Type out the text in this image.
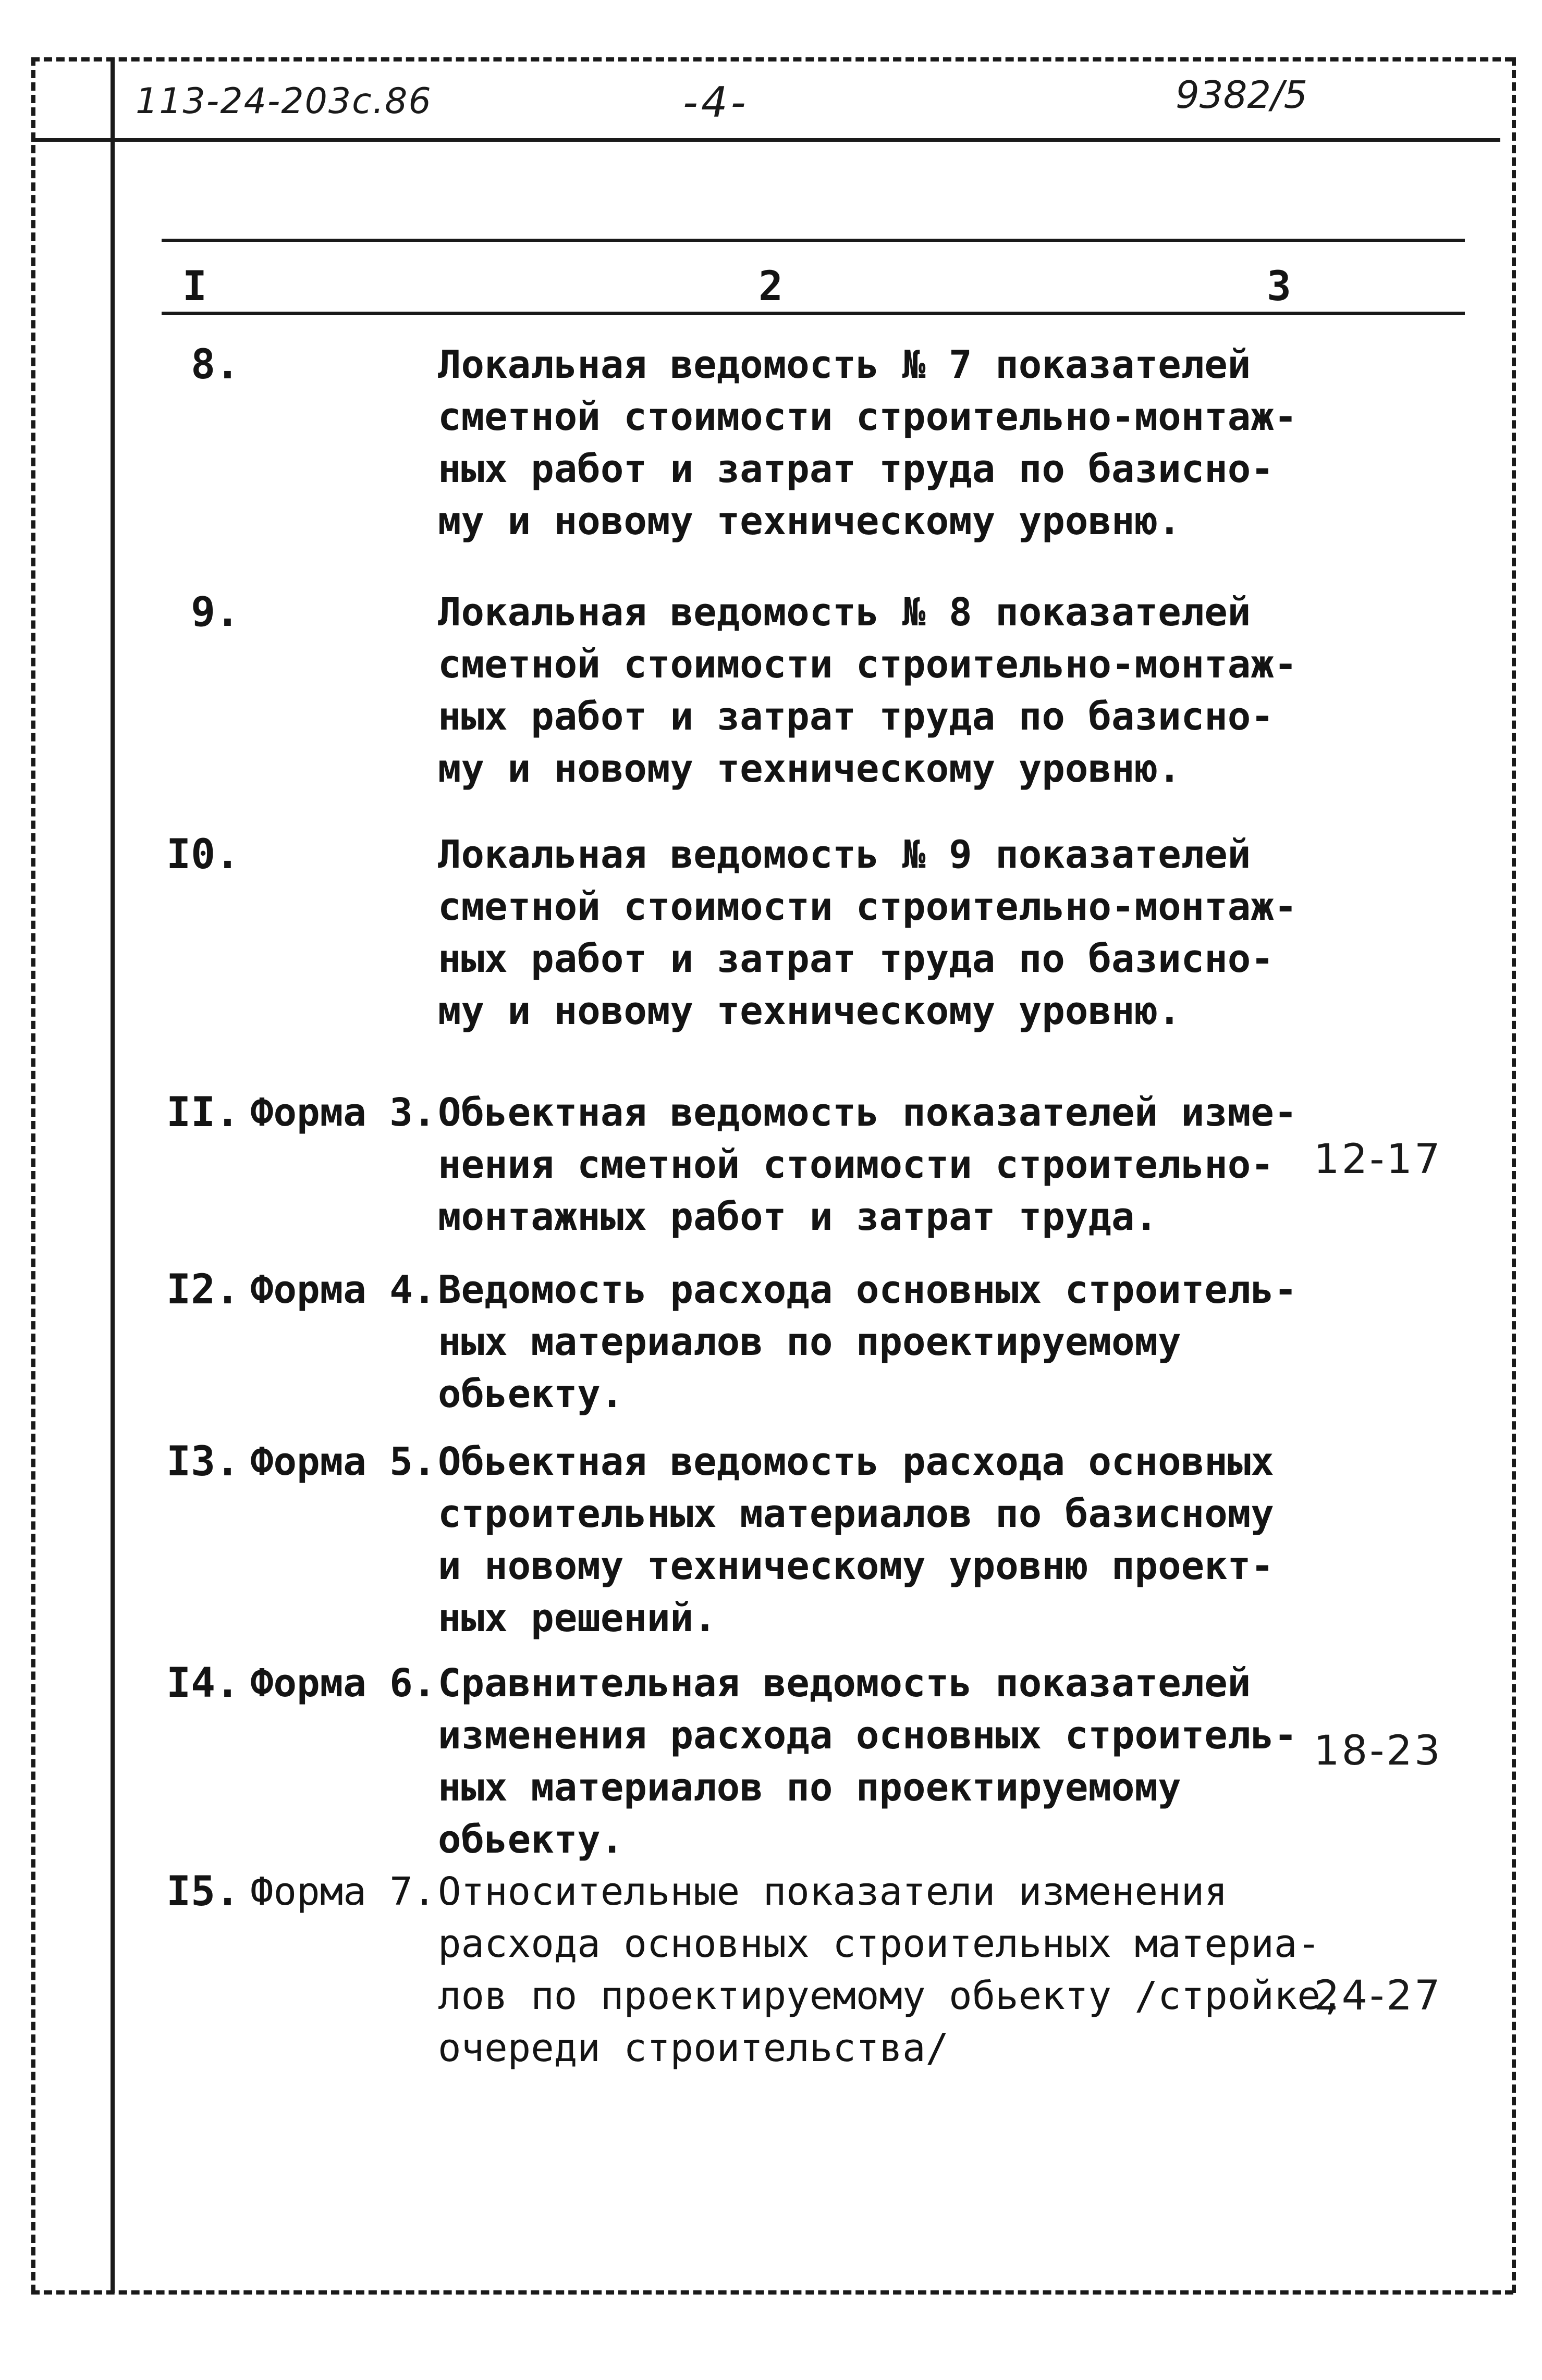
113-24-203с.86	-4-	9382/5
I	2	3
8.	Локальная ведомость № 7 показателей
сметной стоимости строительно-монтаж-
ных работ и затрат труда по базисно-
му и новому техническому уровню.
9.	Локальная ведомость № 8 показателей
сметной стоимости строительно-монтаж-
ных работ и затрат труда по базисно-
му и новому техническому уровню.
I0.	Локальная ведомость № 9 показателей
сметной стоимости строительно-монтаж-
ных работ и затрат труда по базисно-
му и новому техническому уровню.
II. Форма 3. Обьектная ведомость показателей изме-
нения сметной стоимости строительно-
монтажных работ и затрат труда.
12-17
I2. Форма 4. Ведомость расхода основных строитель-
ных материалов по проектируемому
обьекту.
I3. Форма 5. Обьектная ведомость расхода основных
строительных материалов по базисному
и новому техническому уровню проект-
ных решений.
I4. Форма 6. Сравнительная ведомость показателей
изменения расхода основных строитель-
ных материалов по проектируемому
обьекту.
18-23
I5. Форма 7. Относительные показатели изменения
расхода основных строительных материа-
лов по проектируемому обьекту /стройке,
очереди строительства/
24-27
